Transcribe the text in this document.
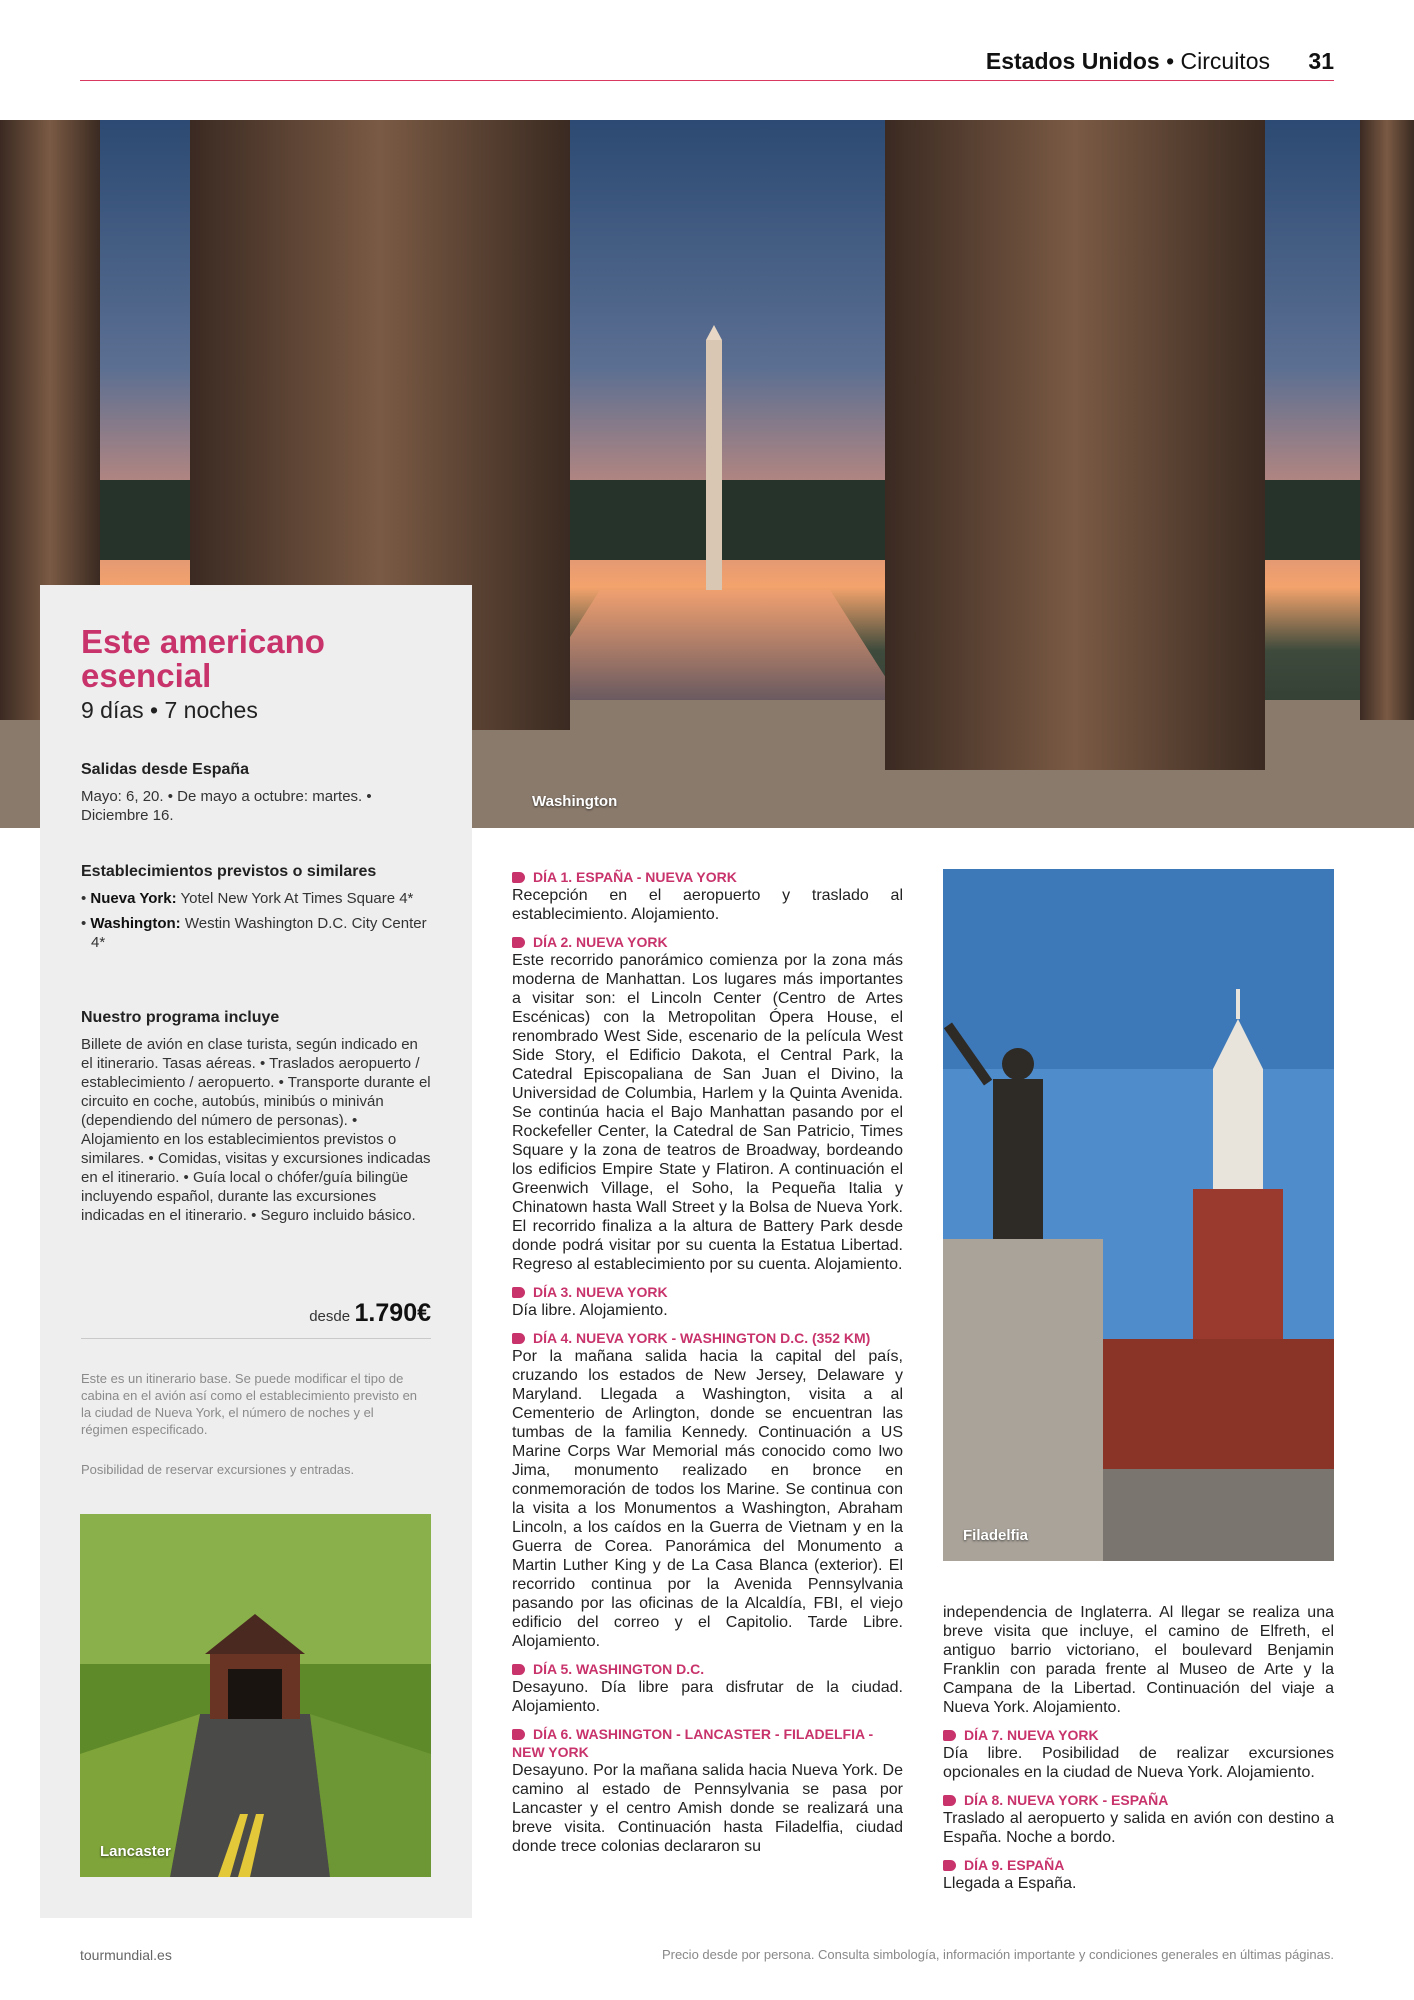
Estados Unidos • Circuitos 31
Washington
Este americano esencial
9 días • 7 noches
Salidas desde España
Mayo: 6, 20. • De mayo a octubre: martes. • Diciembre 16.
Establecimientos previstos o similares
• Nueva York: Yotel New York At Times Square 4*
• Washington: Westin Washington D.C. City Center 4*
Nuestro programa incluye
Billete de avión en clase turista, según indicado en el itinerario. Tasas aéreas. • Traslados aeropuerto / establecimiento / aeropuerto. • Transporte durante el circuito en coche, autobús, minibús o miniván (dependiendo del número de personas). • Alojamiento en los establecimientos previstos o similares. • Comidas, visitas y excursiones indicadas en el itinerario. • Guía local o chófer/guía bilingüe incluyendo español, durante las excursiones indicadas en el itinerario. • Seguro incluido básico.
desde 1.790€
Este es un itinerario base. Se puede modificar el tipo de cabina en el avión así como el establecimiento previsto en la ciudad de Nueva York, el número de noches y el régimen especificado.
Posibilidad de reservar excursiones y entradas.
Lancaster
Filadelfia
DÍA 1. ESPAÑA - NUEVA YORK

Recepción en el aeropuerto y traslado al establecimiento. Alojamiento.

DÍA 2. NUEVA YORK

Este recorrido panorámico comienza por la zona más moderna de Manhattan. Los lugares más importantes a visitar son: el Lincoln Center (Centro de Artes Escénicas) con la Metropolitan Ópera House, el renombrado West Side, escenario de la película West Side Story, el Edificio Dakota, el Central Park, la Catedral Episcopaliana de San Juan el Divino, la Universidad de Columbia, Harlem y la Quinta Avenida. Se continúa hacia el Bajo Manhattan pasando por el Rockefeller Center, la Catedral de San Patricio, Times Square y la zona de teatros de Broadway, bordeando los edificios Empire State y Flatiron. A continuación el Greenwich Village, el Soho, la Pequeña Italia y Chinatown hasta Wall Street y la Bolsa de Nueva York. El recorrido finaliza a la altura de Battery Park desde donde podrá visitar por su cuenta la Estatua Libertad. Regreso al establecimiento por su cuenta. Alojamiento.

DÍA 3. NUEVA YORK

Día libre. Alojamiento.

DÍA 4. NUEVA YORK - WASHINGTON D.C. (352 KM)

Por la mañana salida hacia la capital del país, cruzando los estados de New Jersey, Delaware y Maryland. Llegada a Washington, visita a al Cementerio de Arlington, donde se encuentran las tumbas de la familia Kennedy. Continuación a US Marine Corps War Memorial más conocido como Iwo Jima, monumento realizado en bronce en conmemoración de todos los Marine. Se continua con la visita a los Monumentos a Washington, Abraham Lincoln, a los caídos en la Guerra de Vietnam y en la Guerra de Corea. Panorámica del Monumento a Martin Luther King y de La Casa Blanca (exterior). El recorrido continua por la Avenida Pennsylvania pasando por las oficinas de la Alcaldía, FBI, el viejo edificio del correo y el Capitolio. Tarde Libre. Alojamiento.

DÍA 5. WASHINGTON D.C.

Desayuno. Día libre para disfrutar de la ciudad. Alojamiento.

DÍA 6. WASHINGTON - LANCASTER - FILADELFIA - NEW YORK

Desayuno. Por la mañana salida hacia Nueva York. De camino al estado de Pennsylvania se pasa por Lancaster y el centro Amish donde se realizará una breve visita. Continuación hasta Filadelfia, ciudad donde trece colonias declararon su

independencia de Inglaterra. Al llegar se realiza una breve visita que incluye, el camino de Elfreth, el antiguo barrio victoriano, el boulevard Benjamin Franklin con parada frente al Museo de Arte y la Campana de la Libertad. Continuación del viaje a Nueva York. Alojamiento.

DÍA 7. NUEVA YORK

Día libre. Posibilidad de realizar excursiones opcionales en la ciudad de Nueva York. Alojamiento.

DÍA 8. NUEVA YORK - ESPAÑA

Traslado al aeropuerto y salida en avión con destino a España. Noche a bordo.

DÍA 9. ESPAÑA

Llegada a España.

tourmundial.es	Precio desde por persona. Consulta simbología, información importante y condiciones generales en últimas páginas.
